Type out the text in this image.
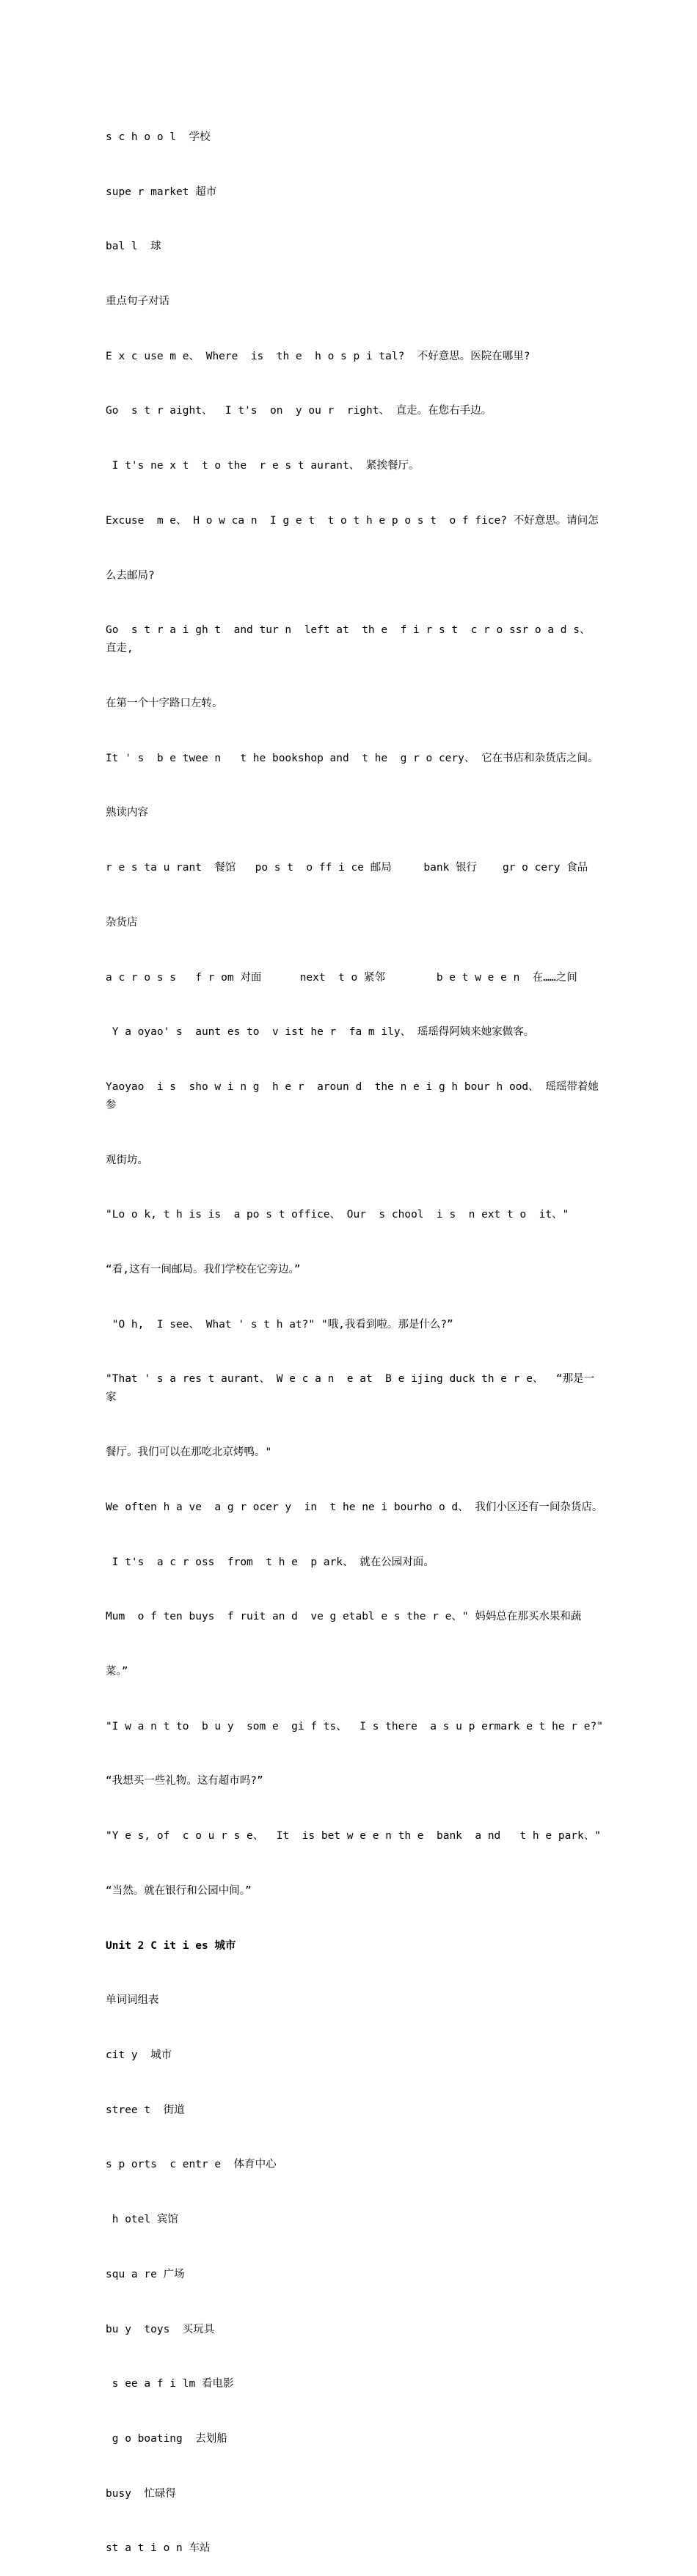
s c h o o l  学校

supe r market 超市

bal l  球

重点句子对话

E x c use m e、 Where  is  th e  h o s p i tal?  不好意思。医院在哪里?

Go  s t r aight、  I t's  on  y ou r  right、 直走。在您右手边。

I t's ne x t  t o the  r e s t aurant、 紧挨餐厅。

Excuse  m e、 H o w ca n  I g e t  t o t h e p o s t  o f fice? 不好意思。请问怎

么去邮局?

Go  s t r a i gh t  and tur n  left at  th e  f i r s t  c r o ssr o a d s、  直走,

在第一个十字路口左转。

It ' s  b e twee n   t he bookshop and  t he  g r o cery、 它在书店和杂货店之间。

熟读内容

r e s ta u rant  餐馆   po s t  o ff i ce 邮局     bank 银行    gr o cery 食品

杂货店

a c r o s s   f r om 对面      next  t o 紧邻        b e t w e e n  在……之间

Y a oyao' s  aunt es to  v ist he r  fa m ily、 瑶瑶得阿姨来她家做客。

Yaoyao  i s  sho w i n g  h e r  aroun d  the n e i g h bour h ood、 瑶瑶带着她参

观街坊。

"Lo o k, t h is is  a po s t office、 Our  s chool  i s  n ext t o  it、"

“看,这有一间邮局。我们学校在它旁边。”

"O h,  I see、 What ' s t h at?" "哦,我看到啦。那是什么?”

"That ' s a res t aurant、 W e c a n  e at  B e ijing duck th e r e、  “那是一家

餐厅。我们可以在那吃北京烤鸭。"

We often h a ve  a g r ocer y  in  t he ne i bourho o d、 我们小区还有一间杂货店。

I t's  a c r oss  from  t h e  p ark、 就在公园对面。

Mum  o f ten buys  f ruit an d  ve g etabl e s the r e、" 妈妈总在那买水果和蔬

菜。”

"I w a n t to  b u y  som e  gi f ts、  I s there  a s u p ermark e t he r e?"

“我想买一些礼物。这有超市吗?”

"Y e s, of  c o u r s e、  It  is bet w e e n th e  bank  a nd   t h e park、"

“当然。就在银行和公园中间。”

Unit 2 C it i es 城市

单词词组表

cit y  城市

stree t  街道

s p orts  c entr e  体育中心

h otel 宾馆

squ a re 广场

bu y  toys  买玩具

s ee a f i lm 看电影

g o boating  去划船

busy  忙碌得

st a t i o n 车站
